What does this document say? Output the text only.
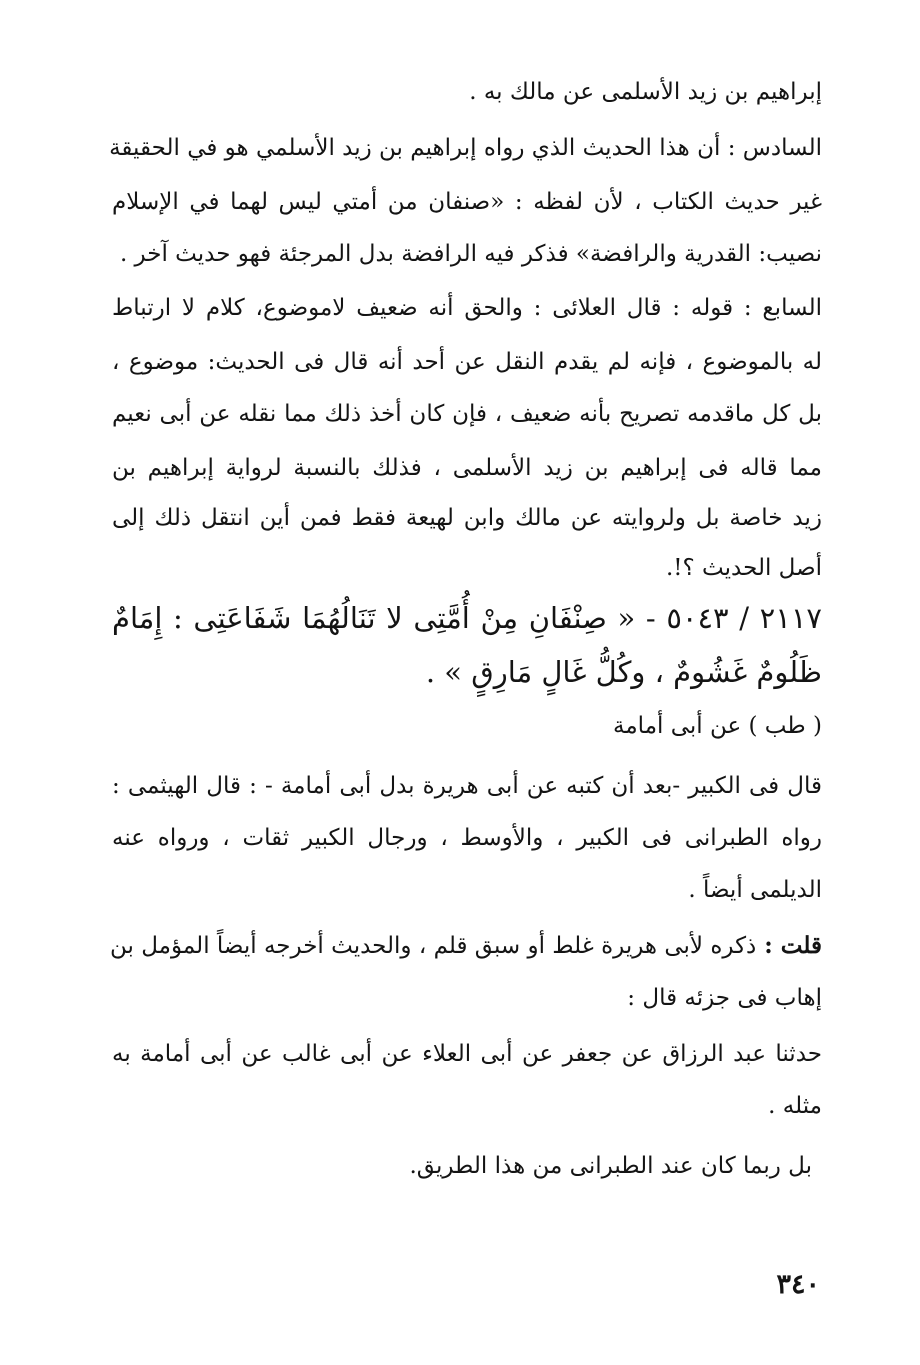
إبراهيم بن زيد الأسلمى عن مالك به .
السادس : أن هذا الحديث الذي رواه إبراهيم بن زيد الأسلمي هو في الحقيقة
غير حديث الكتاب ، لأن لفظه : «صنفان من أمتي ليس لهما في الإسلام
نصيب: القدرية والرافضة» فذكر فيه الرافضة بدل المرجئة فهو حديث آخر .
السابع : قوله : قال العلائى : والحق أنه ضعيف لاموضوع، كلام لا ارتباط
له بالموضوع ، فإنه لم يقدم النقل عن أحد أنه قال فى الحديث: موضوع ،
بل كل ماقدمه تصريح بأنه ضعيف ، فإن كان أخذ ذلك مما نقله عن أبى نعيم
مما قاله فى إبراهيم بن زيد الأسلمى ، فذلك بالنسبة لرواية إبراهيم بن
زيد خاصة بل ولروايته عن مالك وابن لهيعة فقط فمن أين انتقل ذلك إلى
أصل الحديث ؟!.
٢١١٧ / ٥٠٤٣ - « صِنْفَانِ مِنْ أُمَّتِى لا تَنَالُهُمَا شَفَاعَتِى : إِمَامٌ
ظَلُومٌ غَشُومٌ ، وكُلُّ غَالٍ مَارِقٍ » .
( طب ) عن أبى أمامة
قال فى الكبير -بعد أن كتبه عن أبى هريرة بدل أبى أمامة - : قال الهيثمى :
رواه الطبرانى فى الكبير ، والأوسط ، ورجال الكبير ثقات ، ورواه عنه
الديلمى أيضاً .
قلت :
ذكره لأبى هريرة غلط أو سبق قلم ، والحديث أخرجه أيضاً المؤمل بن
إهاب فى جزئه قال :
حدثنا عبد الرزاق عن جعفر عن أبى العلاء عن أبى غالب عن أبى أمامة به
مثله .
بل ربما كان عند الطبرانى من هذا الطريق.
٣٤٠
